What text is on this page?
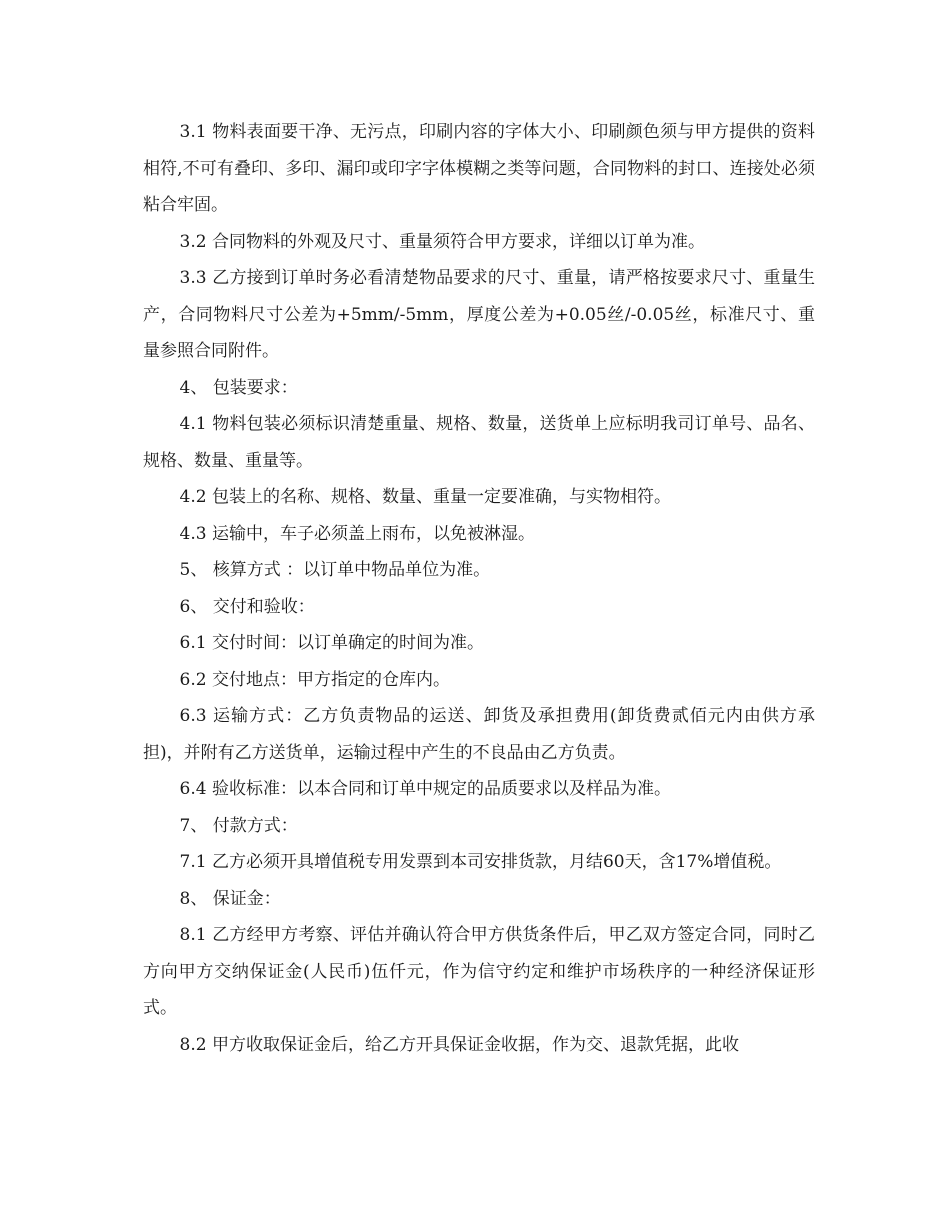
3.1 物料表面要干净、无污点，印刷内容的字体大小、印刷颜色须与甲方提供的资料相符,不可有叠印、多印、漏印或印字字体模糊之类等问题，合同物料的封口、连接处必须粘合牢固。

3.2 合同物料的外观及尺寸、重量须符合甲方要求，详细以订单为准。

3.3 乙方接到订单时务必看清楚物品要求的尺寸、重量，请严格按要求尺寸、重量生产，合同物料尺寸公差为+5mm/-5mm，厚度公差为+0.05丝/-0.05丝，标准尺寸、重量参照合同附件。

4、 包装要求：

4.1 物料包装必须标识清楚重量、规格、数量，送货单上应标明我司订单号、品名、规格、数量、重量等。

4.2 包装上的名称、规格、数量、重量一定要准确，与实物相符。

4.3 运输中，车子必须盖上雨布，以免被淋湿。

5、 核算方式 ：以订单中物品单位为准。

6、 交付和验收：

6.1 交付时间：以订单确定的时间为准。

6.2 交付地点：甲方指定的仓库内。

6.3 运输方式：乙方负责物品的运送、卸货及承担费用(卸货费贰佰元内由供方承担)，并附有乙方送货单，运输过程中产生的不良品由乙方负责。

6.4 验收标准：以本合同和订单中规定的品质要求以及样品为准。

7、 付款方式：

7.1 乙方必须开具增值税专用发票到本司安排货款，月结60天，含17%增值税。

8、 保证金：

8.1 乙方经甲方考察、评估并确认符合甲方供货条件后，甲乙双方签定合同，同时乙方向甲方交纳保证金(人民币)伍仟元，作为信守约定和维护市场秩序的一种经济保证形式。

8.2 甲方收取保证金后，给乙方开具保证金收据，作为交、退款凭据，此收
